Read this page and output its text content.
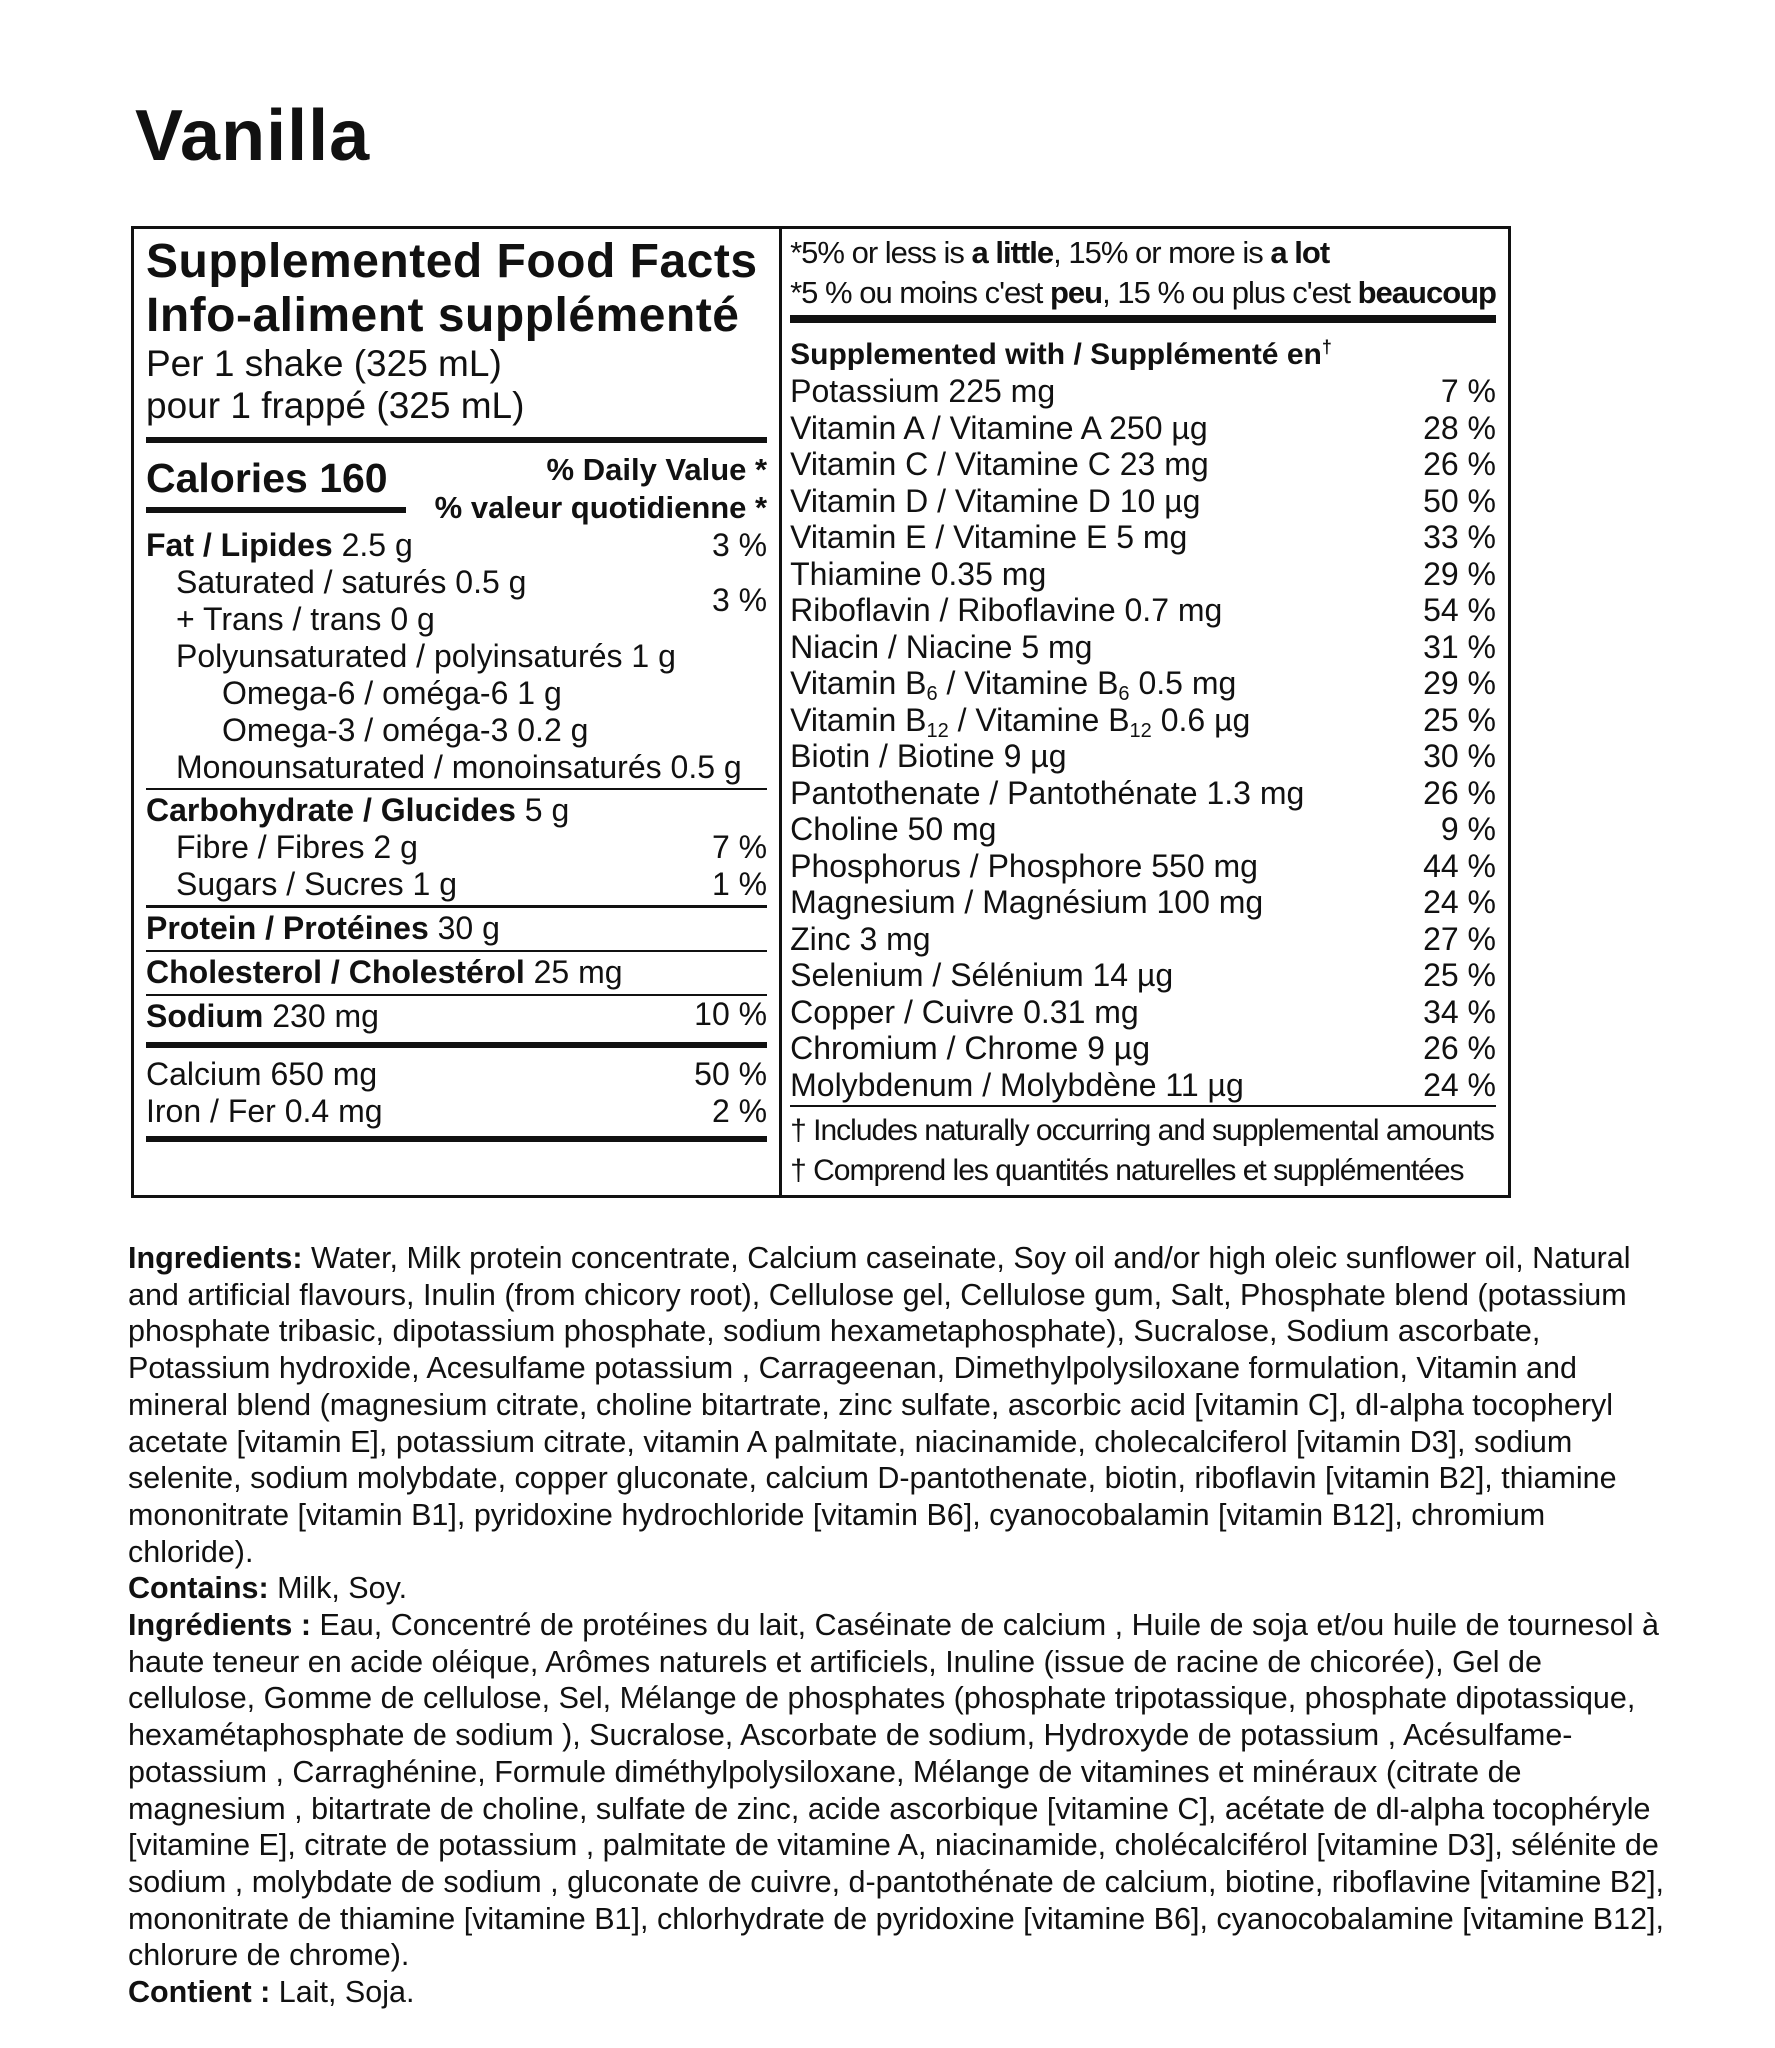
Vanilla
Supplemented Food Facts
Info-aliment supplémenté
Per 1 shake (325 mL)
pour 1 frappé (325 mL)
Calories 160	% Daily Value *
% valeur quotidienne *
Fat / Lipides 2.5 g	3 %
Saturated / saturés 0.5 g	3 %
+ Trans / trans 0 g
Polyunsaturated / polyinsaturés 1 g
Omega-6 / oméga-6 1 g
Omega-3 / oméga-3 0.2 g
Monounsaturated / monoinsaturés 0.5 g
Carbohydrate / Glucides 5 g
Fibre / Fibres 2 g	7 %
Sugars / Sucres 1 g	1 %
Protein / Protéines 30 g
Cholesterol / Cholestérol 25 mg
Sodium 230 mg	10 %
Calcium 650 mg	50 %
Iron / Fer 0.4 mg	2 %
*5% or less is a little, 15% or more is a lot
*5 % ou moins c'est peu, 15 % ou plus c'est beaucoup
Supplemented with / Supplémenté en†
Potassium 225 mg	7 %
Vitamin A / Vitamine A 250 µg	28 %
Vitamin C / Vitamine C 23 mg	26 %
Vitamin D / Vitamine D 10 µg	50 %
Vitamin E / Vitamine E 5 mg	33 %
Thiamine 0.35 mg	29 %
Riboflavin / Riboflavine 0.7 mg	54 %
Niacin / Niacine 5 mg	31 %
Vitamin $B_6$ / Vitamine $B_6$ 0.5 mg	29 %
Vitamin $B_{12}$ / Vitamine $B_{12}$ 0.6 µg	25 %
Biotin / Biotine 9 µg	30 %
Pantothenate / Pantothénate 1.3 mg	26 %
Choline 50 mg	9 %
Phosphorus / Phosphore 550 mg	44 %
Magnesium / Magnésium 100 mg	24 %
Zinc 3 mg	27 %
Selenium / Sélénium 14 µg	25 %
Copper / Cuivre 0.31 mg	34 %
Chromium / Chrome 9 µg	26 %
Molybdenum / Molybdène 11 µg	24 %
† Includes naturally occurring and supplemental amounts
† Comprend les quantités naturelles et supplémentées

Ingredients: Water, Milk protein concentrate, Calcium caseinate, Soy oil and/or high oleic sunflower oil, Natural and artificial flavours, Inulin (from chicory root), Cellulose gel, Cellulose gum, Salt, Phosphate blend (potassium phosphate tribasic, dipotassium phosphate, sodium hexametaphosphate), Sucralose, Sodium ascorbate, Potassium hydroxide, Acesulfame potassium , Carrageenan, Dimethylpolysiloxane formulation, Vitamin and mineral blend (magnesium citrate, choline bitartrate, zinc sulfate, ascorbic acid [vitamin C], dl-alpha tocopheryl acetate [vitamin E], potassium citrate, vitamin A palmitate, niacinamide, cholecalciferol [vitamin D3], sodium selenite, sodium molybdate, copper gluconate, calcium D-pantothenate, biotin, riboflavin [vitamin B2], thiamine mononitrate [vitamin B1], pyridoxine hydrochloride [vitamin B6], cyanocobalamin [vitamin B12], chromium chloride).

Contains: Milk, Soy.

Ingrédients : Eau, Concentré de protéines du lait, Caséinate de calcium , Huile de soja et/ou huile de tournesol à haute teneur en acide oléique, Arômes naturels et artificiels, Inuline (issue de racine de chicorée), Gel de cellulose, Gomme de cellulose, Sel, Mélange de phosphates (phosphate tripotassique, phosphate dipotassique, hexamétaphosphate de sodium ), Sucralose, Ascorbate de sodium, Hydroxyde de potassium , Acésulfame-potassium , Carraghénine, Formule diméthylpolysiloxane, Mélange de vitamines et minéraux (citrate de magnesium , bitartrate de choline, sulfate de zinc, acide ascorbique [vitamine C], acétate de dl-alpha tocophéryle [vitamine E], citrate de potassium , palmitate de vitamine A, niacinamide, cholécalciférol [vitamine D3], sélénite de sodium , molybdate de sodium , gluconate de cuivre, d-pantothénate de calcium, biotine, riboflavine [vitamine B2], mononitrate de thiamine [vitamine B1], chlorhydrate de pyridoxine [vitamine B6], cyanocobalamine [vitamine B12], chlorure de chrome).

Contient : Lait, Soja.
